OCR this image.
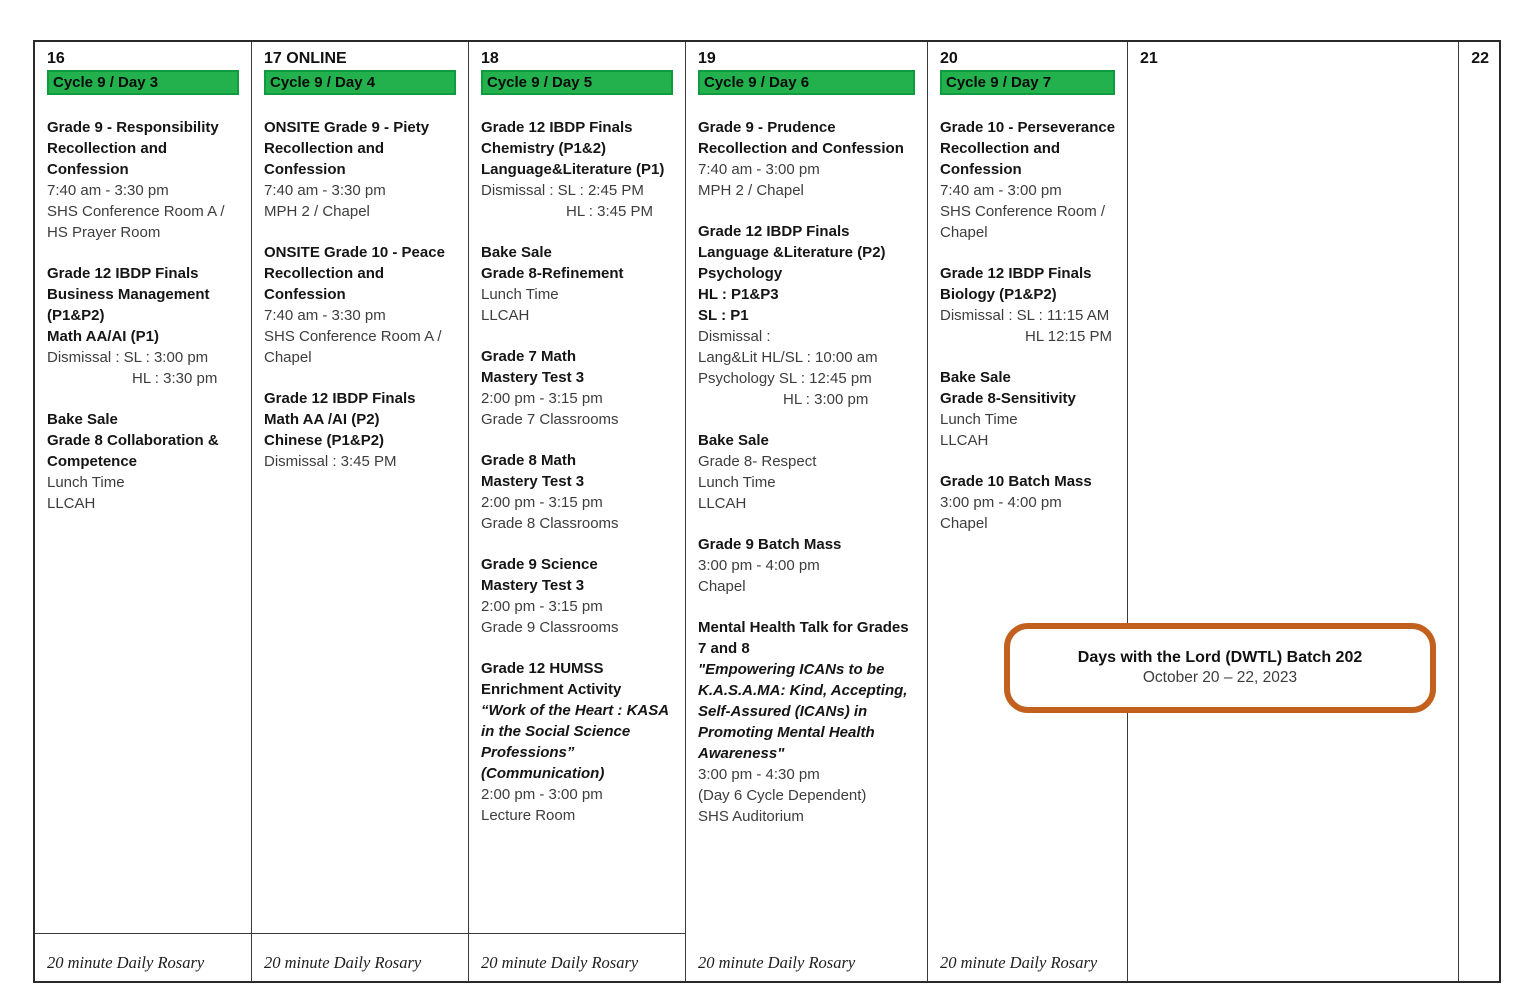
Days with the Lord (DWTL) Batch 202
October 20 – 22, 2023
16
Cycle 9 / Day 3
Grade 9 - Responsibility Recollection and Confession
7:40 am - 3:30 pm
SHS Conference Room A / HS Prayer Room
Grade 12 IBDP Finals
Business Management (P1&P2)
Math AA/AI (P1)
Dismissal : SL : 3:00 pm
HL : 3:30 pm
Bake Sale
Grade 8 Collaboration & Competence
Lunch Time
LLCAH
20 minute Daily Rosary
17 ONLINE
Cycle 9 / Day 4
ONSITE Grade 9 - Piety Recollection and Confession
7:40 am - 3:30 pm
MPH 2 / Chapel
ONSITE Grade 10 - Peace Recollection and Confession
7:40 am - 3:30 pm
SHS Conference Room A / Chapel
Grade 12 IBDP Finals
Math AA /AI (P2)
Chinese (P1&P2)
Dismissal : 3:45 PM
20 minute Daily Rosary
18
Cycle 9 / Day 5
Grade 12 IBDP Finals
Chemistry (P1&2)
Language&Literature (P1)
Dismissal : SL : 2:45 PM
HL : 3:45 PM
Bake Sale
Grade 8-Refinement
Lunch Time
LLCAH
Grade 7 Math
Mastery Test 3
2:00 pm - 3:15 pm
Grade 7 Classrooms
Grade 8 Math
Mastery Test 3
2:00 pm - 3:15 pm
Grade 8 Classrooms
Grade 9 Science
Mastery Test 3
2:00 pm - 3:15 pm
Grade 9 Classrooms
Grade 12 HUMSS
Enrichment Activity
“Work of the Heart : KASA in the Social Science Professions” (Communication)
2:00 pm - 3:00 pm
Lecture Room
20 minute Daily Rosary
19
Cycle 9 / Day 6
Grade 9 - Prudence Recollection and Confession
7:40 am - 3:00 pm
MPH 2 / Chapel
Grade 12 IBDP Finals
Language &Literature (P2) Psychology
HL : P1&P3
SL : P1
Dismissal :
Lang&Lit HL/SL : 10:00 am
Psychology SL : 12:45 pm
HL : 3:00 pm
Bake Sale
Grade 8- Respect
Lunch Time
LLCAH
Grade 9 Batch Mass
3:00 pm - 4:00 pm
Chapel
Mental Health Talk for Grades 7 and 8
"Empowering ICANs to be K.A.S.A.MA: Kind, Accepting, Self-Assured (ICANs) in Promoting Mental Health Awareness"
3:00 pm - 4:30 pm
(Day 6 Cycle Dependent)
SHS Auditorium
20 minute Daily Rosary
20
Cycle 9 / Day 7
Grade 10 - Perseverance Recollection and Confession
7:40 am - 3:00 pm
SHS Conference Room / Chapel
Grade 12 IBDP Finals
Biology (P1&P2)
Dismissal : SL : 11:15 AM
HL 12:15 PM
Bake Sale
Grade 8-Sensitivity
Lunch Time
LLCAH
Grade 10 Batch Mass
3:00 pm - 4:00 pm
Chapel
20 minute Daily Rosary
21	22
